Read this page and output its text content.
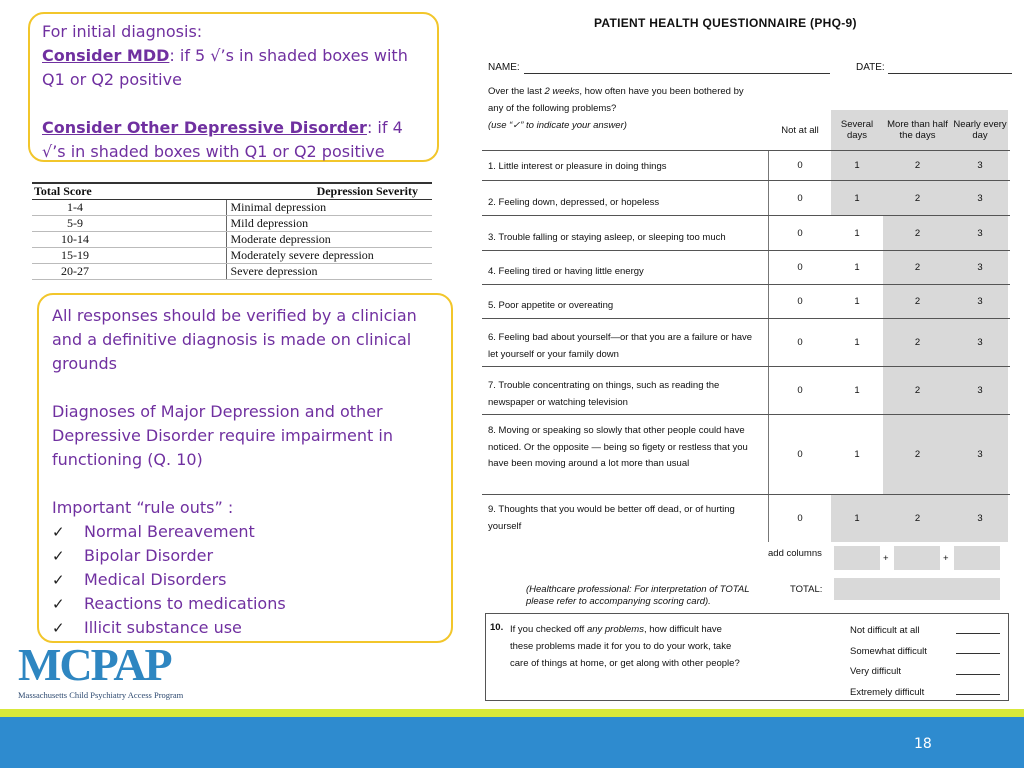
For initial diagnosis:
Consider MDD: if 5 √’s in shaded boxes with Q1 or Q2 positive
Consider Other Depressive Disorder: if 4 √’s in shaded boxes with Q1 or Q2 positive
Total Score		Depression Severity
1-4		Minimal depression
5-9		Mild depression
10-14		Moderate depression
15-19		Moderately severe depression
20-27		Severe depression
All responses should be verified by a clinician and a definitive diagnosis is made on clinical grounds
Diagnoses of Major Depression and other Depressive Disorder require impairment in functioning (Q. 10)
Important “rule outs” :
✓	Normal Bereavement
✓	Bipolar Disorder
✓	Medical Disorders
✓	Reactions to medications
✓	Illicit substance use
MCPAP
Massachusetts Child Psychiatry Access Program
PATIENT HEALTH QUESTIONNAIRE (PHQ-9)
NAME:	DATE:
Over the last 2 weeks, how often have you been bothered by any of the following problems?
(use “✓” to indicate your answer)	Not at all	Several days
More than half the days
Nearly every day
1. Little interest or pleasure in doing things	0	1	2	3
2. Feeling down, depressed, or hopeless	0	1	2	3
3. Trouble falling or staying asleep, or sleeping too much	0	1	2	3
4. Feeling tired or having little energy	0	1	2	3
5. Poor appetite or overeating	0	1	2	3
6. Feeling bad about yourself—or that you are a failure or have let yourself or your family down
0	1	2	3
7. Trouble concentrating on things, such as reading the newspaper or watching television
0	1	2	3
8. Moving or speaking so slowly that other people could have noticed. Or the opposite — being so figety or restless that you have been moving around a lot more than usual
0	1	2	3
9. Thoughts that you would be better off dead, or of hurting yourself
0	1	2	3
add columns	+	+
(Healthcare professional: For interpretation of TOTAL please refer to accompanying scoring card).
TOTAL:
10. If you checked off any problems, how difficult have these problems made it for you to do your work, take care of things at home, or get along with other people?
Not difficult at all
Somewhat difficult
Very difficult
Extremely difficult
18
